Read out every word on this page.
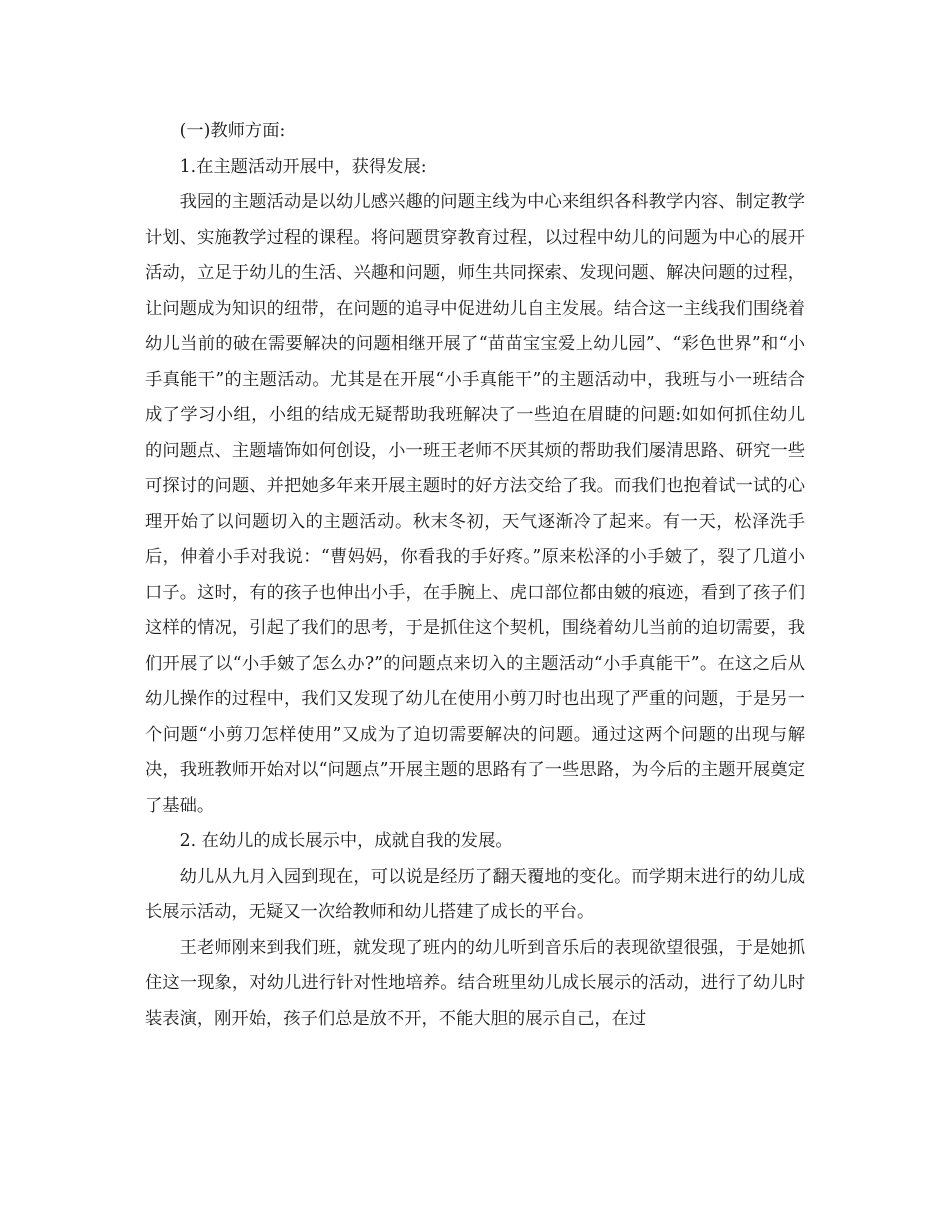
(一)教师方面:

1.在主题活动开展中，获得发展:

我园的主题活动是以幼儿感兴趣的问题主线为中心来组织各科教学内容、制定教学计划、实施教学过程的课程。将问题贯穿教育过程，以过程中幼儿的问题为中心的展开活动，立足于幼儿的生活、兴趣和问题，师生共同探索、发现问题、解决问题的过程，让问题成为知识的纽带，在问题的追寻中促进幼儿自主发展。结合这一主线我们围绕着幼儿当前的破在需要解决的问题相继开展了“苗苗宝宝爱上幼儿园”、“彩色世界”和“小手真能干”的主题活动。尤其是在开展“小手真能干”的主题活动中，我班与小一班结合成了学习小组，小组的结成无疑帮助我班解决了一些迫在眉睫的问题:如如何抓住幼儿的问题点、主题墙饰如何创设，小一班王老师不厌其烦的帮助我们屡清思路、研究一些可探讨的问题、并把她多年来开展主题时的好方法交给了我。而我们也抱着试一试的心理开始了以问题切入的主题活动。秋末冬初，天气逐渐冷了起来。有一天，松泽洗手后，伸着小手对我说：“曹妈妈，你看我的手好疼。”原来松泽的小手皴了，裂了几道小口子。这时，有的孩子也伸出小手，在手腕上、虎口部位都由皴的痕迹，看到了孩子们这样的情况，引起了我们的思考，于是抓住这个契机，围绕着幼儿当前的迫切需要，我们开展了以“小手皴了怎么办?”的问题点来切入的主题活动“小手真能干”。在这之后从幼儿操作的过程中，我们又发现了幼儿在使用小剪刀时也出现了严重的问题，于是另一个问题“小剪刀怎样使用”又成为了迫切需要解决的问题。通过这两个问题的出现与解决，我班教师开始对以“问题点”开展主题的思路有了一些思路，为今后的主题开展奠定了基础。

2. 在幼儿的成长展示中，成就自我的发展。

幼儿从九月入园到现在，可以说是经历了翻天覆地的变化。而学期末进行的幼儿成长展示活动，无疑又一次给教师和幼儿搭建了成长的平台。

王老师刚来到我们班，就发现了班内的幼儿听到音乐后的表现欲望很强，于是她抓住这一现象，对幼儿进行针对性地培养。结合班里幼儿成长展示的活动，进行了幼儿时装表演，刚开始，孩子们总是放不开，不能大胆的展示自己，在过
